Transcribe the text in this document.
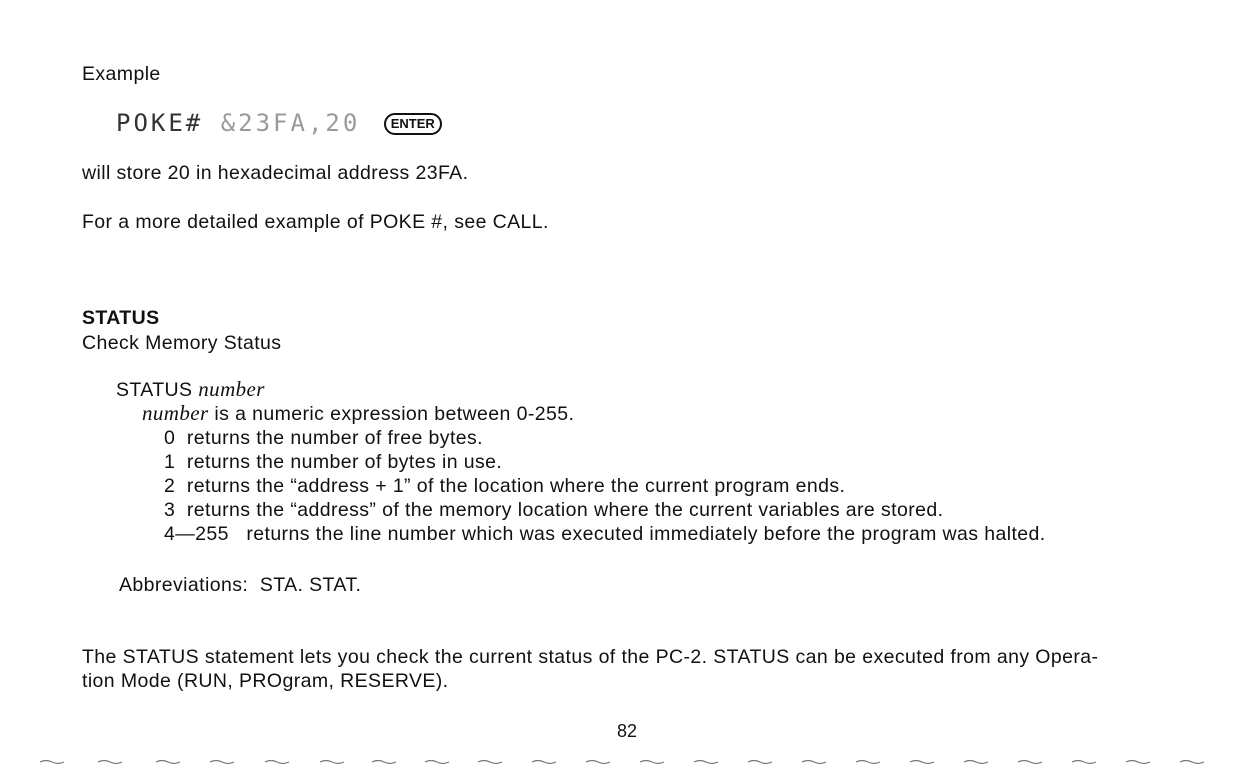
Example
POKE# &23FA,20 ENTER
will store 20 in hexadecimal address 23FA.
For a more detailed example of POKE #, see CALL.
STATUS
Check Memory Status
STATUS number
number is a numeric expression between 0-255.
0 returns the number of free bytes.
1 returns the number of bytes in use.
2 returns the “address + 1” of the location where the current program ends.
3 returns the “address” of the memory location where the current variables are stored.
4—255 returns the line number which was executed immediately before the program was halted.
Abbreviations: STA. STAT.
The STATUS statement lets you check the current status of the PC-2. STATUS can be executed from any Opera-
tion Mode (RUN, PROgram, RESERVE).
82
